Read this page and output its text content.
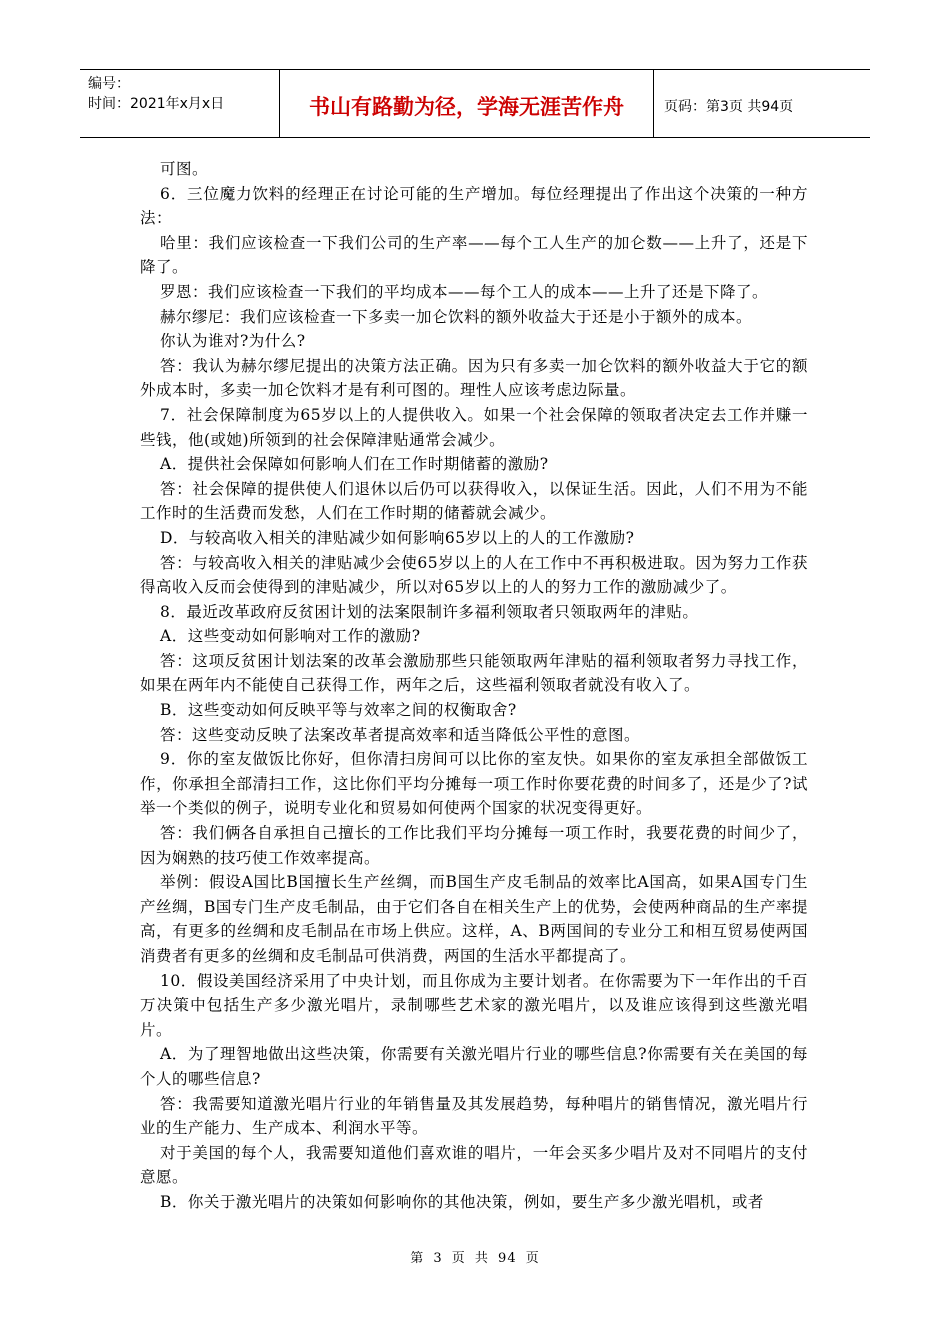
编号：
时间：2021年x月x日	书山有路勤为径，学海无涯苦作舟	页码：第3页 共94页

可图。

6．三位魔力饮料的经理正在讨论可能的生产增加。每位经理提出了作出这个决策的一种方法：

哈里：我们应该检查一下我们公司的生产率——每个工人生产的加仑数——上升了，还是下降了。

罗恩：我们应该检查一下我们的平均成本——每个工人的成本——上升了还是下降了。

赫尔缪尼：我们应该检查一下多卖一加仑饮料的额外收益大于还是小于额外的成本。

你认为谁对?为什么?

答：我认为赫尔缪尼提出的决策方法正确。因为只有多卖一加仑饮料的额外收益大于它的额外成本时，多卖一加仑饮料才是有利可图的。理性人应该考虑边际量。

7．社会保障制度为65岁以上的人提供收入。如果一个社会保障的领取者决定去工作并赚一些钱，他(或她)所领到的社会保障津贴通常会减少。

A．提供社会保障如何影响人们在工作时期储蓄的激励?

答：社会保障的提供使人们退休以后仍可以获得收入，以保证生活。因此，人们不用为不能工作时的生活费而发愁，人们在工作时期的储蓄就会减少。

D．与较高收入相关的津贴减少如何影响65岁以上的人的工作激励?

答：与较高收入相关的津贴减少会使65岁以上的人在工作中不再积极进取。因为努力工作获得高收入反而会使得到的津贴减少，所以对65岁以上的人的努力工作的激励减少了。

8．最近改革政府反贫困计划的法案限制许多福利领取者只领取两年的津贴。

A．这些变动如何影响对工作的激励?

答：这项反贫困计划法案的改革会激励那些只能领取两年津贴的福利领取者努力寻找工作，如果在两年内不能使自己获得工作，两年之后，这些福利领取者就没有收入了。

B．这些变动如何反映平等与效率之间的权衡取舍?

答：这些变动反映了法案改革者提高效率和适当降低公平性的意图。

9．你的室友做饭比你好，但你清扫房间可以比你的室友快。如果你的室友承担全部做饭工作，你承担全部清扫工作，这比你们平均分摊每一项工作时你要花费的时间多了，还是少了?试举一个类似的例子，说明专业化和贸易如何使两个国家的状况变得更好。

答：我们俩各自承担自己擅长的工作比我们平均分摊每一项工作时，我要花费的时间少了，因为娴熟的技巧使工作效率提高。

举例：假设A国比B国擅长生产丝绸，而B国生产皮毛制品的效率比A国高，如果A国专门生产丝绸，B国专门生产皮毛制品，由于它们各自在相关生产上的优势，会使两种商品的生产率提高，有更多的丝绸和皮毛制品在市场上供应。这样，A、B两国间的专业分工和相互贸易使两国消费者有更多的丝绸和皮毛制品可供消费，两国的生活水平都提高了。

10．假设美国经济采用了中央计划，而且你成为主要计划者。在你需要为下一年作出的千百万决策中包括生产多少激光唱片，录制哪些艺术家的激光唱片，以及谁应该得到这些激光唱片。

A．为了理智地做出这些决策，你需要有关激光唱片行业的哪些信息?你需要有关在美国的每个人的哪些信息?

答：我需要知道激光唱片行业的年销售量及其发展趋势，每种唱片的销售情况，激光唱片行业的生产能力、生产成本、利润水平等。

对于美国的每个人，我需要知道他们喜欢谁的唱片，一年会买多少唱片及对不同唱片的支付意愿。

B．你关于激光唱片的决策如何影响你的其他决策，例如，要生产多少激光唱机，或者

第 3 页 共 94 页
